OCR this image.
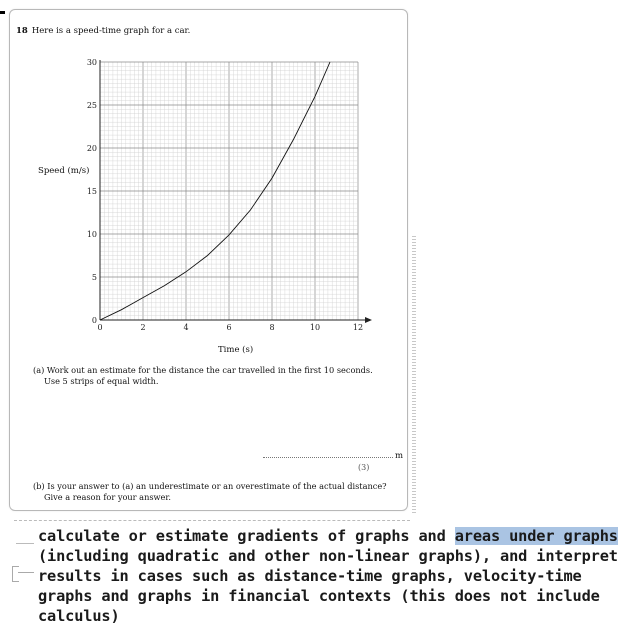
18 Here is a speed-time graph for a car.
0	2	4	6	8	10	12
0
5
10
15
20
25
30
Speed (m/s)
Time (s)
(a) Work out an estimate for the distance the car travelled in the first 10 seconds.
Use 5 strips of equal width.
m
(3)
(b) Is your answer to (a) an underestimate or an overestimate of the actual distance?
Give a reason for your answer.
calculate or estimate gradients of graphs and areas under graphs (including quadratic and other non-linear graphs), and interpret results in cases such as distance-time graphs, velocity-time graphs and graphs in financial contexts (this does not include calculus)
